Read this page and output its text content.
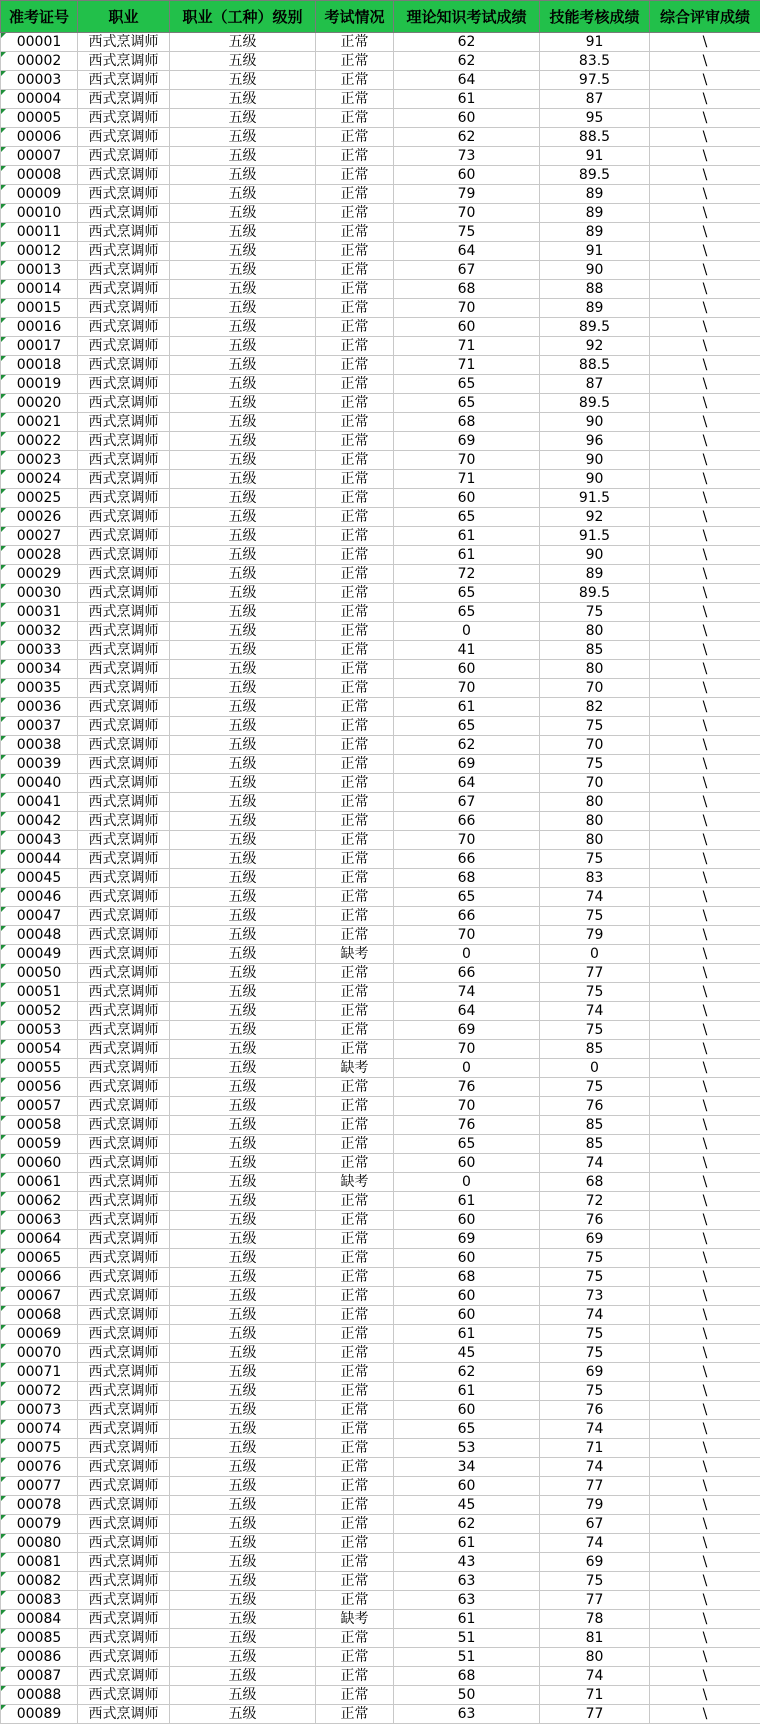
准考证号	职业	职业（工种）级别	考试情况	理论知识考试成绩	技能考核成绩	综合评审成绩
00001	西式烹调师	五级	正常	62	91	\
00002	西式烹调师	五级	正常	62	83.5	\
00003	西式烹调师	五级	正常	64	97.5	\
00004	西式烹调师	五级	正常	61	87	\
00005	西式烹调师	五级	正常	60	95	\
00006	西式烹调师	五级	正常	62	88.5	\
00007	西式烹调师	五级	正常	73	91	\
00008	西式烹调师	五级	正常	60	89.5	\
00009	西式烹调师	五级	正常	79	89	\
00010	西式烹调师	五级	正常	70	89	\
00011	西式烹调师	五级	正常	75	89	\
00012	西式烹调师	五级	正常	64	91	\
00013	西式烹调师	五级	正常	67	90	\
00014	西式烹调师	五级	正常	68	88	\
00015	西式烹调师	五级	正常	70	89	\
00016	西式烹调师	五级	正常	60	89.5	\
00017	西式烹调师	五级	正常	71	92	\
00018	西式烹调师	五级	正常	71	88.5	\
00019	西式烹调师	五级	正常	65	87	\
00020	西式烹调师	五级	正常	65	89.5	\
00021	西式烹调师	五级	正常	68	90	\
00022	西式烹调师	五级	正常	69	96	\
00023	西式烹调师	五级	正常	70	90	\
00024	西式烹调师	五级	正常	71	90	\
00025	西式烹调师	五级	正常	60	91.5	\
00026	西式烹调师	五级	正常	65	92	\
00027	西式烹调师	五级	正常	61	91.5	\
00028	西式烹调师	五级	正常	61	90	\
00029	西式烹调师	五级	正常	72	89	\
00030	西式烹调师	五级	正常	65	89.5	\
00031	西式烹调师	五级	正常	65	75	\
00032	西式烹调师	五级	正常	0	80	\
00033	西式烹调师	五级	正常	41	85	\
00034	西式烹调师	五级	正常	60	80	\
00035	西式烹调师	五级	正常	70	70	\
00036	西式烹调师	五级	正常	61	82	\
00037	西式烹调师	五级	正常	65	75	\
00038	西式烹调师	五级	正常	62	70	\
00039	西式烹调师	五级	正常	69	75	\
00040	西式烹调师	五级	正常	64	70	\
00041	西式烹调师	五级	正常	67	80	\
00042	西式烹调师	五级	正常	66	80	\
00043	西式烹调师	五级	正常	70	80	\
00044	西式烹调师	五级	正常	66	75	\
00045	西式烹调师	五级	正常	68	83	\
00046	西式烹调师	五级	正常	65	74	\
00047	西式烹调师	五级	正常	66	75	\
00048	西式烹调师	五级	正常	70	79	\
00049	西式烹调师	五级	缺考	0	0	\
00050	西式烹调师	五级	正常	66	77	\
00051	西式烹调师	五级	正常	74	75	\
00052	西式烹调师	五级	正常	64	74	\
00053	西式烹调师	五级	正常	69	75	\
00054	西式烹调师	五级	正常	70	85	\
00055	西式烹调师	五级	缺考	0	0	\
00056	西式烹调师	五级	正常	76	75	\
00057	西式烹调师	五级	正常	70	76	\
00058	西式烹调师	五级	正常	76	85	\
00059	西式烹调师	五级	正常	65	85	\
00060	西式烹调师	五级	正常	60	74	\
00061	西式烹调师	五级	缺考	0	68	\
00062	西式烹调师	五级	正常	61	72	\
00063	西式烹调师	五级	正常	60	76	\
00064	西式烹调师	五级	正常	69	69	\
00065	西式烹调师	五级	正常	60	75	\
00066	西式烹调师	五级	正常	68	75	\
00067	西式烹调师	五级	正常	60	73	\
00068	西式烹调师	五级	正常	60	74	\
00069	西式烹调师	五级	正常	61	75	\
00070	西式烹调师	五级	正常	45	75	\
00071	西式烹调师	五级	正常	62	69	\
00072	西式烹调师	五级	正常	61	75	\
00073	西式烹调师	五级	正常	60	76	\
00074	西式烹调师	五级	正常	65	74	\
00075	西式烹调师	五级	正常	53	71	\
00076	西式烹调师	五级	正常	34	74	\
00077	西式烹调师	五级	正常	60	77	\
00078	西式烹调师	五级	正常	45	79	\
00079	西式烹调师	五级	正常	62	67	\
00080	西式烹调师	五级	正常	61	74	\
00081	西式烹调师	五级	正常	43	69	\
00082	西式烹调师	五级	正常	63	75	\
00083	西式烹调师	五级	正常	63	77	\
00084	西式烹调师	五级	缺考	61	78	\
00085	西式烹调师	五级	正常	51	81	\
00086	西式烹调师	五级	正常	51	80	\
00087	西式烹调师	五级	正常	68	74	\
00088	西式烹调师	五级	正常	50	71	\
00089	西式烹调师	五级	正常	63	77	\
